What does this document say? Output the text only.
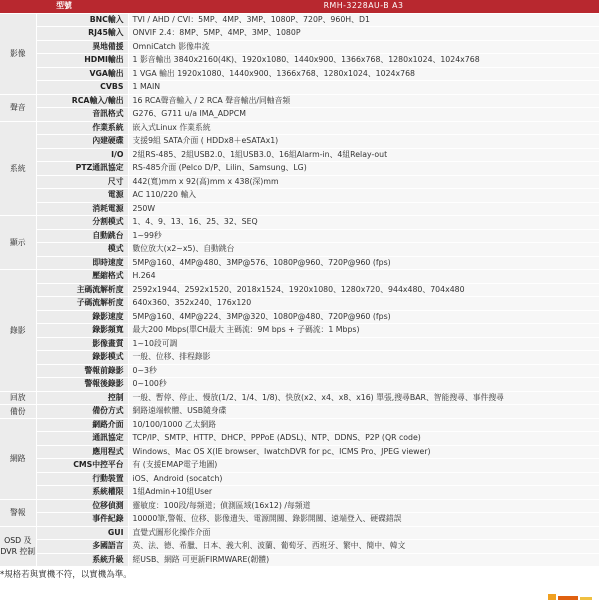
型號		RMH-3228AU-B A3
影像	BNC輸入	TVI / AHD / CVI：5MP、4MP、3MP、1080P、720P、960H、D1
	RJ45輸入	ONVIF 2.4：8MP、5MP、4MP、3MP、1080P
	異地備援	OmniCatch 影像串流
	HDMI輸出	1 影音輸出 3840x2160(4K)、1920x1080、1440x900、1366x768、1280x1024、1024x768
	VGA輸出	1 VGA 輸出 1920x1080、1440x900、1366x768、1280x1024、1024x768
	CVBS	1 MAIN
聲音	RCA輸入/輸出	16 RCA聲音輸入 / 2 RCA 聲音輸出/同軸音頻
	音訊格式	G276、G711 u/a IMA_ADPCM
系統	作業系統	嵌入式Linux 作業系統
	內建硬碟	支援9組 SATA介面 ( HDDx8＋eSATAx1)
	I/O	2組RS-485、2組USB2.0、1組USB3.0、16組Alarm-in、4組Relay-out
	PTZ通訊協定	RS-485介面 (Pelco D/P、Lilin、Samsung、LG)
	尺寸	442(寬)mm x 92(高)mm x 438(深)mm
	電源	AC 110/220 輸入
	消耗電源	250W
顯示	分割模式	1、4、9、13、16、25、32、SEQ
	自動跳台	1~99秒
	模式	數位放大(x2~x5)、自動跳台
	即時速度	5MP@160、4MP@480、3MP@576、1080P@960、720P@960 (fps)
錄影	壓縮格式	H.264
	主碼流解析度	2592x1944、2592x1520、2018x1524、1920x1080、1280x720、944x480、704x480
	子碼流解析度	640x360、352x240、176x120
	錄影速度	5MP@160、4MP@224、3MP@320、1080P@480、720P@960 (fps)
	錄影頻寬	最大200 Mbps(單CH最大 主碼流：9M bps + 子碼流：1 Mbps)
	影像畫質	1~10段可調
	錄影模式	一般、位移、排程錄影
	警報前錄影	0~3秒
	警報後錄影	0~100秒
回放	控制	一般、暫停、停止、慢放(1/2、1/4、1/8)、快放(x2、x4、x8、x16) 單張,搜尋BAR、智能搜尋、事件搜尋
備份	備份方式	網路遠端軟體、USB隨身碟
網路	網路介面	10/100/1000 乙太網路
	通訊協定	TCP/IP、SMTP、HTTP、DHCP、PPPoE (ADSL)、NTP、DDNS、P2P (QR code)
	應用程式	Windows、Mac OS X(IE browser、IwatchDVR for pc、ICMS Pro、JPEG viewer)
	CMS中控平台	有 (支援EMAP電子地圖)
	行動裝置	iOS、Android (socatch)
	系統權限	1組Admin+10組User
警報	位移偵測	靈敏度：100段/每頻道；偵測區域(16x12) /每頻道
	事件紀錄	10000筆,警報、位移、影像遺失、電源開關、錄影開關、遠端登入、硬碟錯誤
OSD 及 DVR 控制	GUI	直覺式圖形化操作介面
	多國語言	英、法、德、希臘、日本、義大利、波蘭、葡萄牙、西班牙、繁中、簡中、韓文
	系統升級	經USB、網路 可更新FIRMWARE(韌體)
*規格若與實機不符，以實機為準。
